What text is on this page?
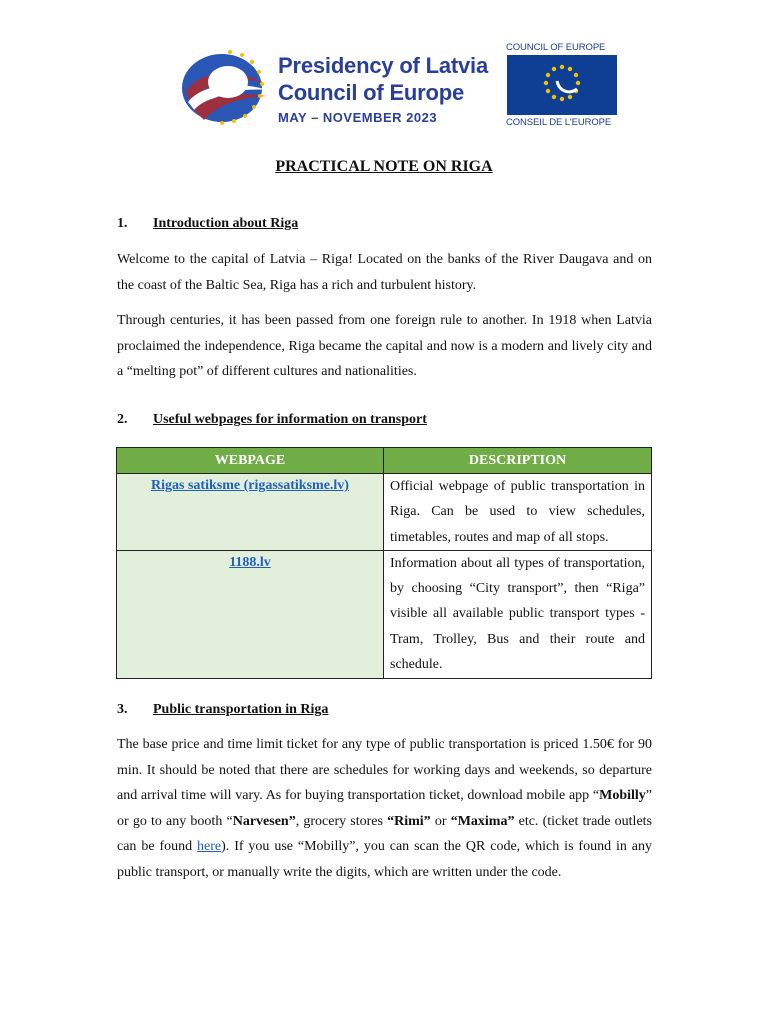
Presidency of Latvia
Council of Europe
MAY – NOVEMBER 2023
COUNCIL OF EUROPE
CONSEIL DE L'EUROPE
PRACTICAL NOTE ON RIGA
1. Introduction about Riga
Welcome to the capital of Latvia – Riga! Located on the banks of the River Daugava and on the coast of the Baltic Sea, Riga has a rich and turbulent history.
Through centuries, it has been passed from one foreign rule to another. In 1918 when Latvia proclaimed the independence, Riga became the capital and now is a modern and lively city and a “melting pot” of different cultures and nationalities.
2. Useful webpages for information on transport
WEBPAGE	DESCRIPTION
Rigas satiksme (rigassatiksme.lv)	Official webpage of public transportation in Riga. Can be used to view schedules, timetables, routes and map of all stops.
1188.lv	Information about all types of transportation, by choosing “City transport”, then “Riga” visible all available public transport types - Tram, Trolley, Bus and their route and schedule.
3. Public transportation in Riga
The base price and time limit ticket for any type of public transportation is priced 1.50€ for 90 min. It should be noted that there are schedules for working days and weekends, so departure and arrival time will vary. As for buying transportation ticket, download mobile app “Mobilly” or go to any booth “Narvesen”, grocery stores “Rimi” or “Maxima” etc. (ticket trade outlets can be found here). If you use “Mobilly”, you can scan the QR code, which is found in any public transport, or manually write the digits, which are written under the code.
